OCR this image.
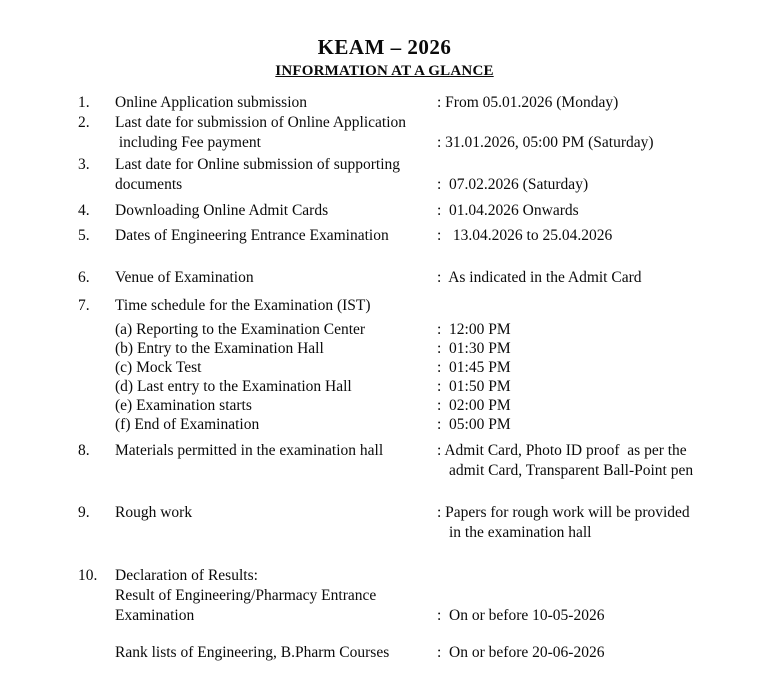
KEAM – 2026
INFORMATION AT A GLANCE
1.	Online Application submission	: From 05.01.2026 (Monday)
2.	Last date for submission of Online Application
including Fee payment	: 31.01.2026, 05:00 PM (Saturday)
3.	Last date for Online submission of supporting
documents	:  07.02.2026 (Saturday)
4.	Downloading Online Admit Cards	:  01.04.2026 Onwards
5.	Dates of Engineering Entrance Examination	:   13.04.2026 to 25.04.2026
6.	Venue of Examination	:  As indicated in the Admit Card
7.	Time schedule for the Examination (IST)
(a) Reporting to the Examination Center	:  12:00 PM
(b) Entry to the Examination Hall	:  01:30 PM
(c) Mock Test	:  01:45 PM
(d) Last entry to the Examination Hall	:  01:50 PM
(e) Examination starts	:  02:00 PM
(f) End of Examination	:  05:00 PM
8.	Materials permitted in the examination hall	: Admit Card, Photo ID proof  as per the
admit Card, Transparent Ball-Point pen
9.	Rough work	: Papers for rough work will be provided
in the examination hall
10.	Declaration of Results:
Result of Engineering/Pharmacy Entrance
Examination	:  On or before 10-05-2026
Rank lists of Engineering, B.Pharm Courses	:  On or before 20-06-2026
